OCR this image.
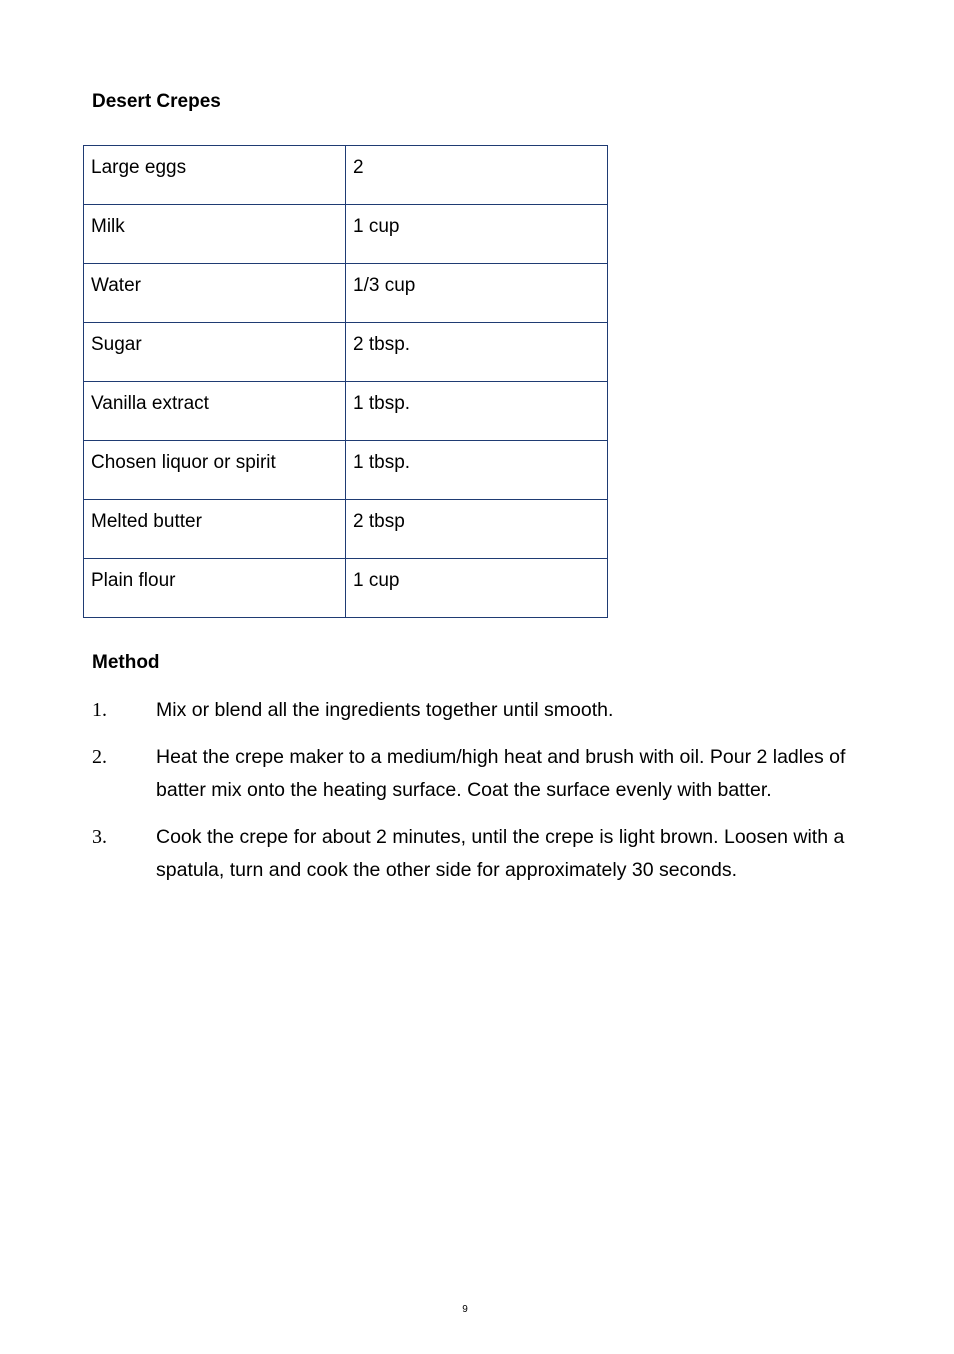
Desert Crepes
Large eggs	2
Milk	1 cup
Water	1/3 cup
Sugar	2 tbsp.
Vanilla extract	1 tbsp.
Chosen liquor or spirit	1 tbsp.
Melted butter	2 tbsp
Plain flour	1 cup
Method
1.	Mix or blend all the ingredients together until smooth.
2.	Heat the crepe maker to a medium/high heat and brush with oil. Pour 2 ladles of batter mix onto the heating surface. Coat the surface evenly with batter.
3.	Cook the crepe for about 2 minutes, until the crepe is light brown. Loosen with a spatula, turn and cook the other side for approximately 30 seconds.
9
